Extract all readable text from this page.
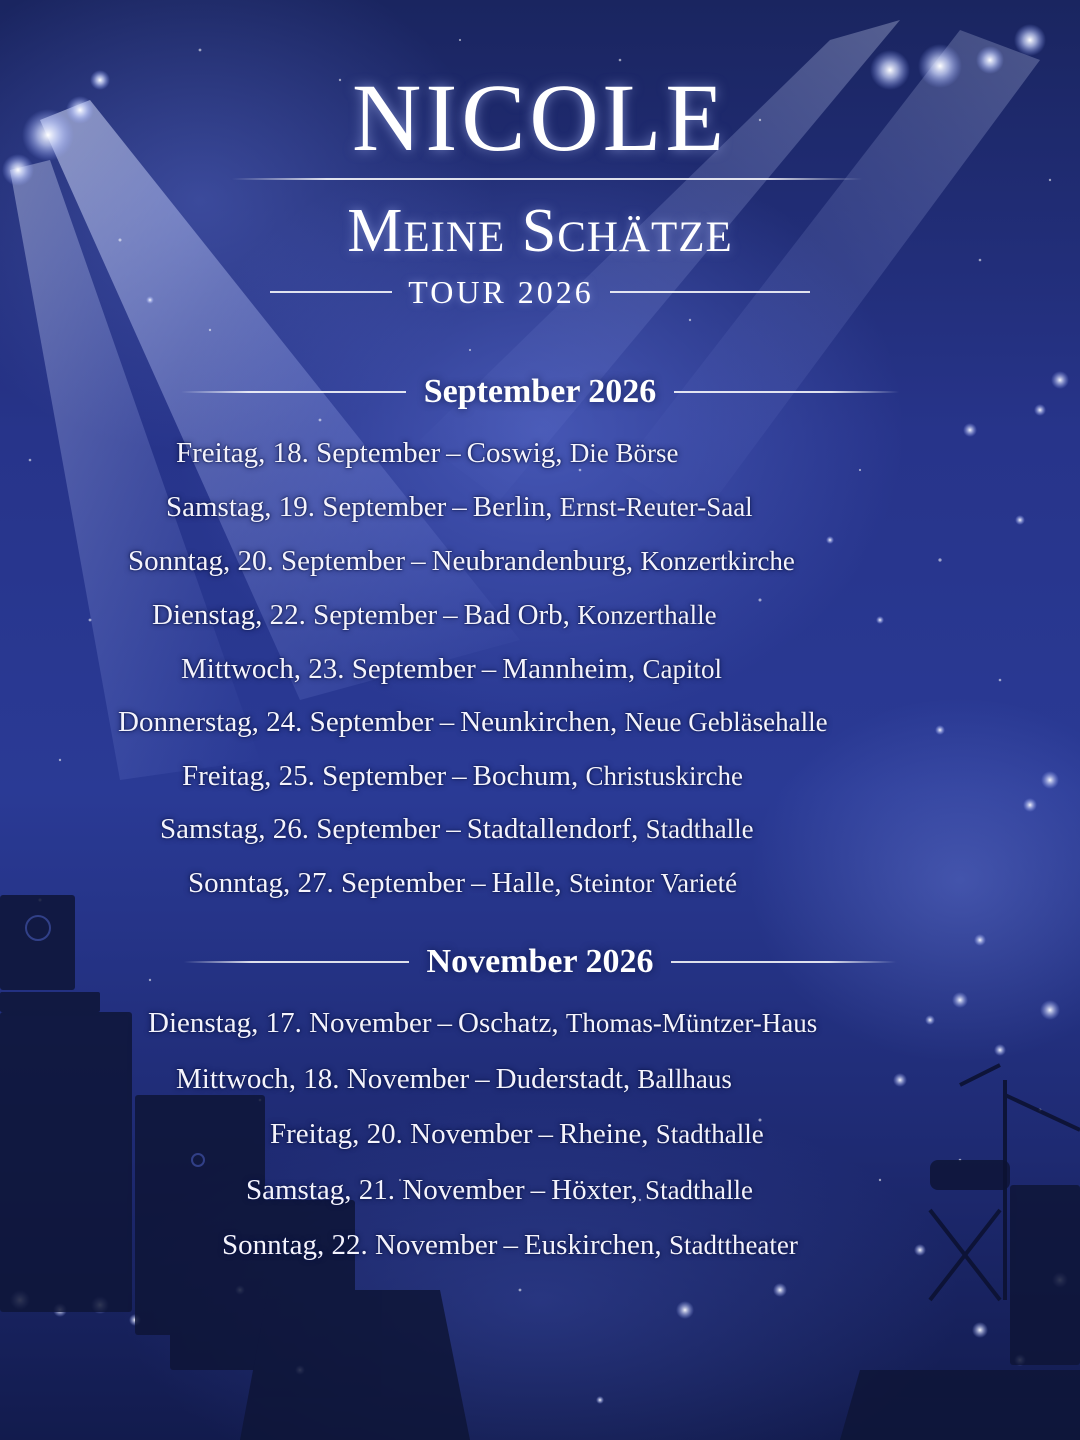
NICOLE
Meine Schätze
TOUR 2026
September 2026
Freitag, 18. September – Coswig, Die Börse
Samstag, 19. September – Berlin, Ernst-Reuter-Saal
Sonntag, 20. September – Neubrandenburg, Konzertkirche
Dienstag, 22. September – Bad Orb, Konzerthalle
Mittwoch, 23. September – Mannheim, Capitol
Donnerstag, 24. September – Neunkirchen, Neue Gebläsehalle
Freitag, 25. September – Bochum, Christuskirche
Samstag, 26. September – Stadtallendorf, Stadthalle
Sonntag, 27. September – Halle, Steintor Varieté
November 2026
Dienstag, 17. November – Oschatz, Thomas-Müntzer-Haus
Mittwoch, 18. November – Duderstadt, Ballhaus
Freitag, 20. November – Rheine, Stadthalle
Samstag, 21. November – Höxter, Stadthalle
Sonntag, 22. November – Euskirchen, Stadttheater
